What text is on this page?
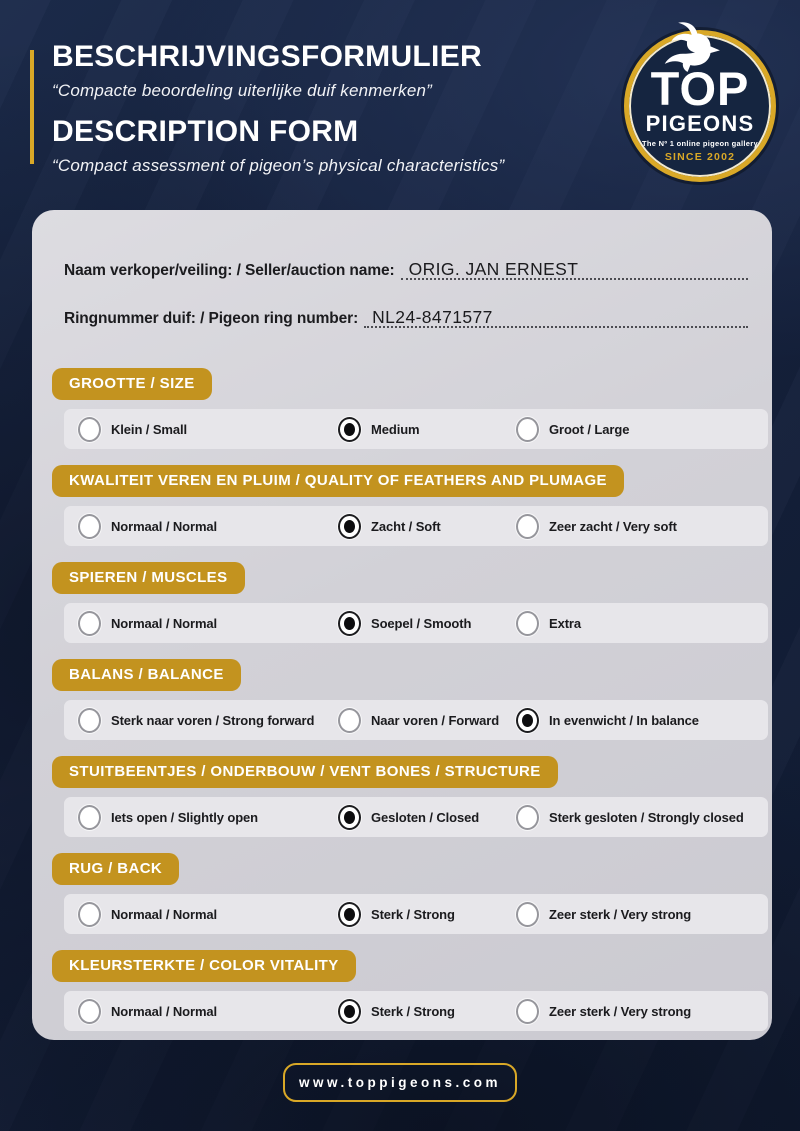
BESCHRIJVINGSFORMULIER

“Compacte beoordeling uiterlijke duif kenmerken”

DESCRIPTION FORM

“Compact assessment of pigeon’s physical characteristics”

TOP
PIGEONS
The Nº 1 online pigeon gallery
SINCE 2002
Naam verkoper/veiling: / Seller/auction name: ORIG. JAN ERNEST
Ringnummer duif: / Pigeon ring number: NL24-8471577
GROOTTE / SIZE
Klein / Small	Medium	Groot / Large
KWALITEIT VEREN EN PLUIM / QUALITY OF FEATHERS AND PLUMAGE
Normaal / Normal	Zacht / Soft	Zeer zacht / Very soft
SPIEREN / MUSCLES
Normaal / Normal	Soepel / Smooth	Extra
BALANS / BALANCE
Sterk naar voren / Strong forward	Naar voren / Forward	In evenwicht / In balance
STUITBEENTJES / ONDERBOUW / VENT BONES / STRUCTURE
Iets open / Slightly open	Gesloten / Closed	Sterk gesloten / Strongly closed
RUG / BACK
Normaal / Normal	Sterk / Strong	Zeer sterk / Very strong
KLEURSTERKTE / COLOR VITALITY
Normaal / Normal	Sterk / Strong	Zeer sterk / Very strong
www.toppigeons.com
